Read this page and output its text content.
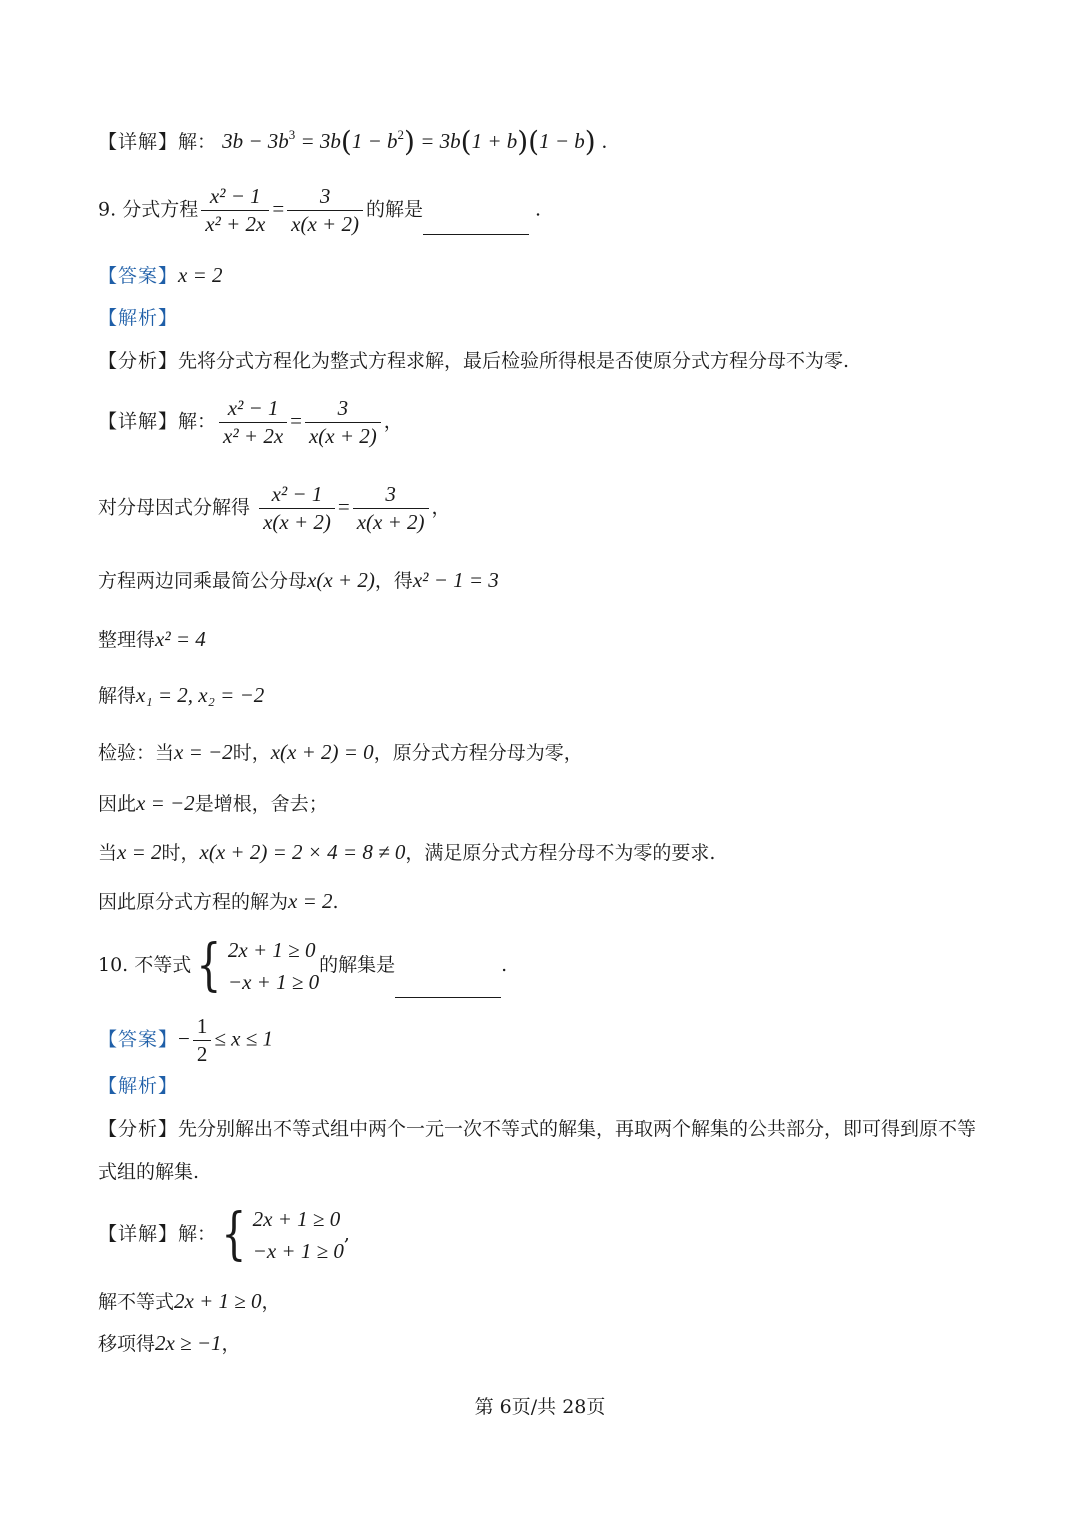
【详解】解： $3b - 3b^3 = 3b(1 - b^2) = 3b(1 + b)(1 - b)$ .
9. 分式方程 $\frac{\text{x² − 1}}{\text{x² + 2x}} = \frac{3}{x(x + 2)}$ 的解是	.
【答案】x = 2
【解析】
【分析】先将分式方程化为整式方程求解，最后检验所得根是否使原分式方程分母不为零.
【详解】解： $\frac{\text{x² − 1}}{\text{x² + 2x}} = \frac{3}{x(x + 2)}$ ，
对分母因式分解得 $\frac{\text{x² − 1}}{x(x + 2)} = \frac{3}{x(x + 2)}$ ，
方程两边同乘最简公分母x(x + 2)，得x² − 1 = 3
整理得x² = 4
解得x₁ = 2, x₂ = −2
检验：当x = −2时，x(x + 2) = 0，原分式方程分母为零，
因此x = −2是增根，舍去；
当x = 2时，x(x + 2) = 2 × 4 = 8 ≠ 0，满足原分式方程分母不为零的要求.
因此原分式方程的解为x = 2.
10. 不等式 { 2x + 1 ≥ 0
−x + 1 ≥ 0
的解集是	.
【答案】− $\frac{1}{2} \le x \le 1$
【解析】
【分析】先分别解出不等式组中两个一元一次不等式的解集，再取两个解集的公共部分，即可得到原不等
式组的解集.
【详解】解： { 2x + 1 ≥ 0
−x + 1 ≥ 0
,
解不等式2x + 1 ≥ 0，
移项得2x ≥ −1，
第 6页/共 28页
